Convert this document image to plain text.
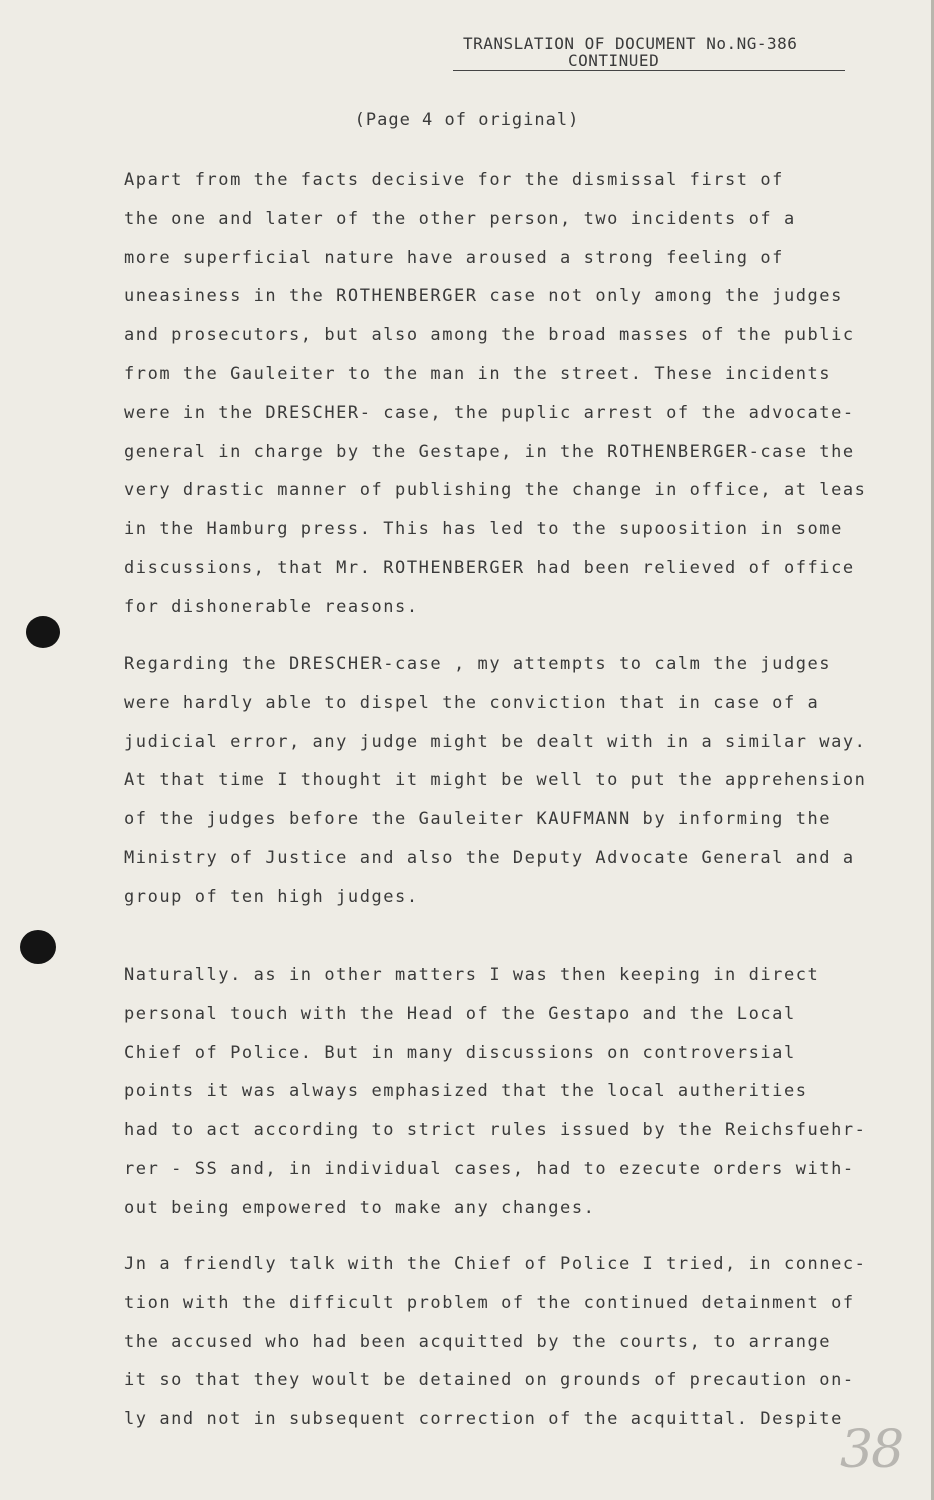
TRANSLATION OF DOCUMENT No.NG-386
CONTINUED
(Page 4 of original)

Apart from the facts decisive for the dismissal first of
the one and later of the other person, two incidents of a
more superficial nature have aroused a strong feeling of
uneasiness in the ROTHENBERGER case not only among the judges
and prosecutors, but also among the broad masses of the public
from the Gauleiter to the man in the street. These incidents
were in the DRESCHER- case, the puplic arrest of the advocate-
general in charge by the Gestape, in the ROTHENBERGER-case the
very drastic manner of publishing the change in office, at leas
in the Hamburg press. This has led to the supoosition in some
discussions, that Mr. ROTHENBERGER had been relieved of office
for dishonerable reasons.

Regarding the DRESCHER-case , my attempts to calm the judges
were hardly able to dispel the conviction that in case of a
judicial error, any judge might be dealt with in a similar way.
At that time I thought it might be well to put the apprehension
of the judges before the Gauleiter KAUFMANN by informing the
Ministry of Justice and also the Deputy Advocate General and a
group of ten high judges.

Naturally. as in other matters I was then keeping in direct
personal touch with the Head of the Gestapo and the Local
Chief of Police. But in many discussions on controversial
points it was always emphasized that the local autherities
had to act according to strict rules issued by the Reichsfuehr-
rer - SS and, in individual cases, had to ezecute orders with-
out being empowered to make any changes.

Jn a friendly talk with the Chief of Police I tried, in connec-
tion with the difficult problem of the continued detainment of
the accused who had been acquitted by the courts, to arrange
it so that they woult be detained on grounds of precaution on-
ly and not in subsequent correction of the acquittal. Despite

38
